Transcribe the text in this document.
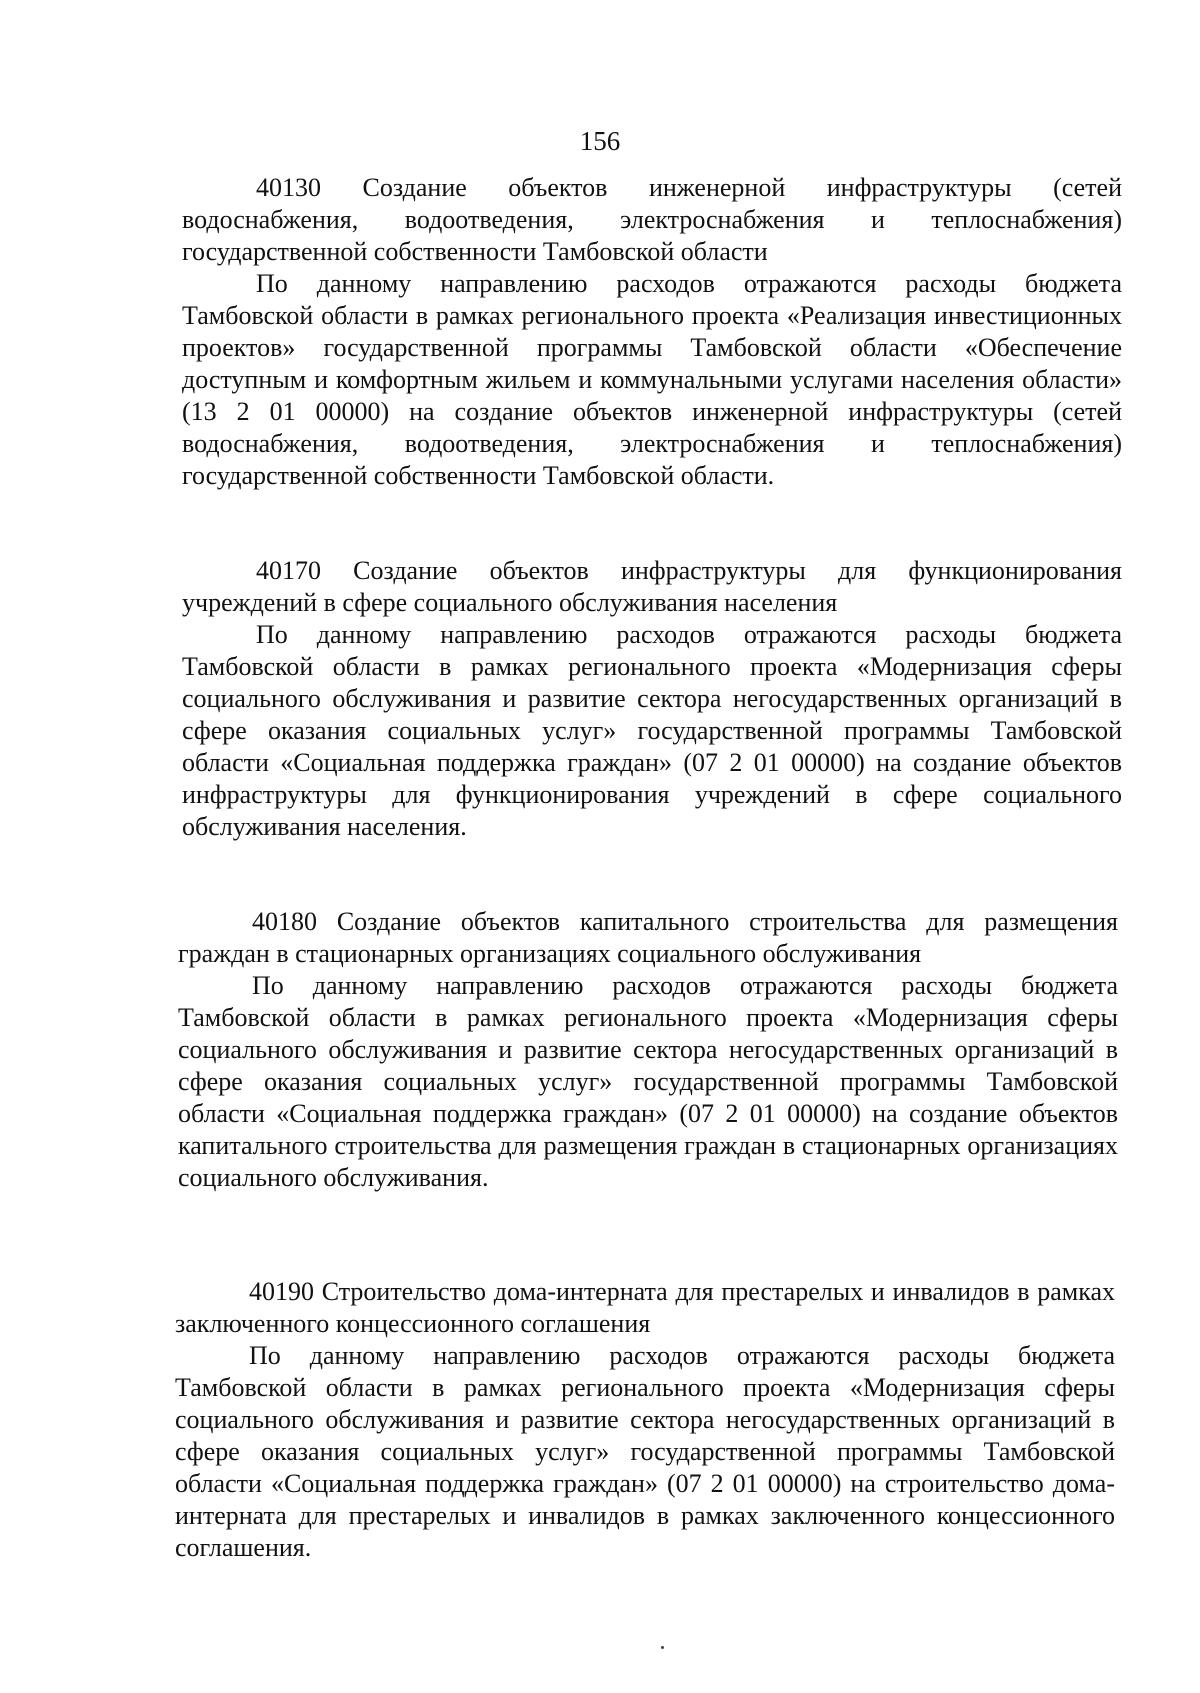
156

40130 Создание объектов инженерной инфраструктуры (сетей водоснабжения, водоотведения, электроснабжения и теплоснабжения) государственной собственности Тамбовской области

По данному направлению расходов отражаются расходы бюджета Тамбовской области в рамках регионального проекта «Реализация инвестиционных проектов» государственной программы Тамбовской области «Обеспечение доступным и комфортным жильем и коммунальными услугами населения области» (13 2 01 00000) на создание объектов инженерной инфраструктуры (сетей водоснабжения, водоотведения, электроснабжения и теплоснабжения) государственной собственности Тамбовской области.

40170 Создание объектов инфраструктуры для функционирования учреждений в сфере социального обслуживания населения

По данному направлению расходов отражаются расходы бюджета Тамбовской области в рамках регионального проекта «Модернизация сферы социального обслуживания и развитие сектора негосударственных организаций в сфере оказания социальных услуг» государственной программы Тамбовской области «Социальная поддержка граждан» (07 2 01 00000) на создание объектов инфраструктуры для функционирования учреждений в сфере социального обслуживания населения.

40180 Создание объектов капитального строительства для размещения граждан в стационарных организациях социального обслуживания

По данному направлению расходов отражаются расходы бюджета Тамбовской области в рамках регионального проекта «Модернизация сферы социального обслуживания и развитие сектора негосударственных организаций в сфере оказания социальных услуг» государственной программы Тамбовской области «Социальная поддержка граждан» (07 2 01 00000) на создание объектов капитального строительства для размещения граждан в стационарных организациях социального обслуживания.

40190 Строительство дома-интерната для престарелых и инвалидов в рамках заключенного концессионного соглашения

По данному направлению расходов отражаются расходы бюджета Тамбовской области в рамках регионального проекта «Модернизация сферы социального обслуживания и развитие сектора негосударственных организаций в сфере оказания социальных услуг» государственной программы Тамбовской области «Социальная поддержка граждан» (07 2 01 00000) на строительство дома-интерната для престарелых и инвалидов в рамках заключенного концессионного соглашения.
